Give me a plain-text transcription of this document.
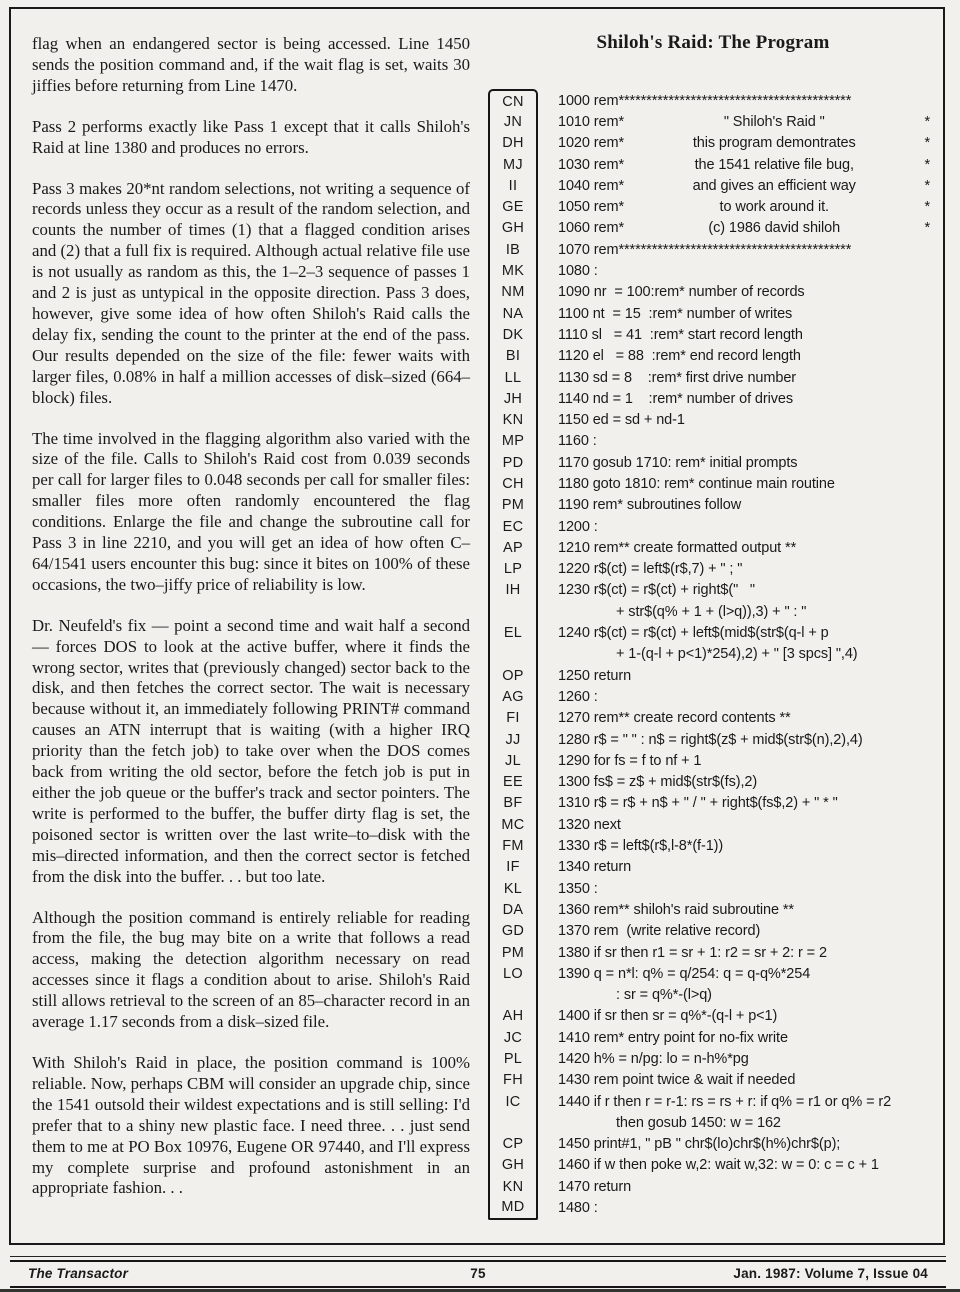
flag when an endangered sector is being accessed. Line 1450 sends the position command and, if the wait flag is set, waits 30 jiffies before returning from Line 1470.

Pass 2 performs exactly like Pass 1 except that it calls Shiloh's Raid at line 1380 and produces no errors.

Pass 3 makes 20*nt random selections, not writing a sequence of records unless they occur as a result of the random selection, and counts the number of times (1) that a flagged condition arises and (2) that a full fix is required. Although actual relative file use is not usually as random as this, the 1–2–3 sequence of passes 1 and 2 is just as untypical in the opposite direction. Pass 3 does, however, give some idea of how often Shiloh's Raid calls the delay fix, sending the count to the printer at the end of the pass. Our results depended on the size of the file: fewer waits with larger files, 0.08% in half a million accesses of disk–sized (664–block) files.

The time involved in the flagging algorithm also varied with the size of the file. Calls to Shiloh's Raid cost from 0.039 seconds per call for larger files to 0.048 seconds per call for smaller files: smaller files more often randomly encountered the flag conditions. Enlarge the file and change the subroutine call for Pass 3 in line 2210, and you will get an idea of how often C–64/1541 users encounter this bug: since it bites on 100% of these occasions, the two–jiffy price of reliability is low.

Dr. Neufeld's fix — point a second time and wait half a second — forces DOS to look at the active buffer, where it finds the wrong sector, writes that (previously changed) sector back to the disk, and then fetches the correct sector. The wait is necessary because without it, an immediately following PRINT# command causes an ATN interrupt that is waiting (with a higher IRQ priority than the fetch job) to take over when the DOS comes back from writing the old sector, before the fetch job is put in either the job queue or the buffer's track and sector pointers. The write is performed to the buffer, the buffer dirty flag is set, the poisoned sector is written over the last write–to–disk with the mis–directed information, and then the correct sector is fetched from the disk into the buffer. . . but too late.

Although the position command is entirely reliable for reading from the file, the bug may bite on a write that follows a read access, making the detection algorithm necessary on read accesses since it flags a condition about to arise. Shiloh's Raid still allows retrieval to the screen of an 85–character record in an average 1.17 seconds from a disk–sized file.

With Shiloh's Raid in place, the position command is 100% reliable. Now, perhaps CBM will consider an upgrade chip, since the 1541 outsold their wildest expectations and is still selling: I'd prefer that to a shiny new plastic face. I need three. . . just send them to me at PO Box 10976, Eugene OR 97440, and I'll express my complete surprise and profound astonishment in an appropriate fashion. . .

Shiloh's Raid: The Program
CN	1000 rem******************************************
JN	1010 rem*	" Shiloh's Raid "	*
DH	1020 rem*	this program demontrates	*
MJ	1030 rem*	the 1541 relative file bug,	*
II	1040 rem*	and gives an efficient way	*
GE	1050 rem*	to work around it.	*
GH	1060 rem*	(c) 1986 david shiloh	*
IB	1070 rem******************************************
MK	1080 :
NM	1090 nr  = 100:rem* number of records
NA	1100 nt  = 15  :rem* number of writes
DK	1110 sl   = 41  :rem* start record length
BI	1120 el   = 88  :rem* end record length
LL	1130 sd = 8    :rem* first drive number
JH	1140 nd = 1    :rem* number of drives
KN	1150 ed = sd + nd-1
MP	1160 :
PD	1170 gosub 1710: rem* initial prompts
CH	1180 goto 1810: rem* continue main routine
PM	1190 rem* subroutines follow
EC	1200 :
AP	1210 rem** create formatted output **
LP	1220 r$(ct) = left$(r$,7) + " ; "
IH	1230 r$(ct) = r$(ct) + right$("   "
+ str$(q% + 1 + (l>q)),3) + " : "
EL	1240 r$(ct) = r$(ct) + left$(mid$(str$(q-l + p
+ 1-(q-l + p<1)*254),2) + " [3 spcs] ",4)
OP	1250 return
AG	1260 :
FI	1270 rem** create record contents **
JJ	1280 r$ = " " : n$ = right$(z$ + mid$(str$(n),2),4)
JL	1290 for fs = f to nf + 1
EE	1300 fs$ = z$ + mid$(str$(fs),2)
BF	1310 r$ = r$ + n$ + " / " + right$(fs$,2) + " * "
MC	1320 next
FM	1330 r$ = left$(r$,l-8*(f-1))
IF	1340 return
KL	1350 :
DA	1360 rem** shiloh's raid subroutine **
GD	1370 rem  (write relative record)
PM	1380 if sr then r1 = sr + 1: r2 = sr + 2: r = 2
LO	1390 q = n*l: q% = q/254: q = q-q%*254
: sr = q%*-(l>q)
AH	1400 if sr then sr = q%*-(q-l + p<1)
JC	1410 rem* entry point for no-fix write
PL	1420 h% = n/pg: lo = n-h%*pg
FH	1430 rem point twice & wait if needed
IC	1440 if r then r = r-1: rs = rs + r: if q% = r1 or q% = r2
then gosub 1450: w = 162
CP	1450 print#1, " pB " chr$(lo)chr$(h%)chr$(p);
GH	1460 if w then poke w,2: wait w,32: w = 0: c = c + 1
KN	1470 return
MD	1480 :
The Transactor	75	Jan. 1987: Volume 7, Issue 04
